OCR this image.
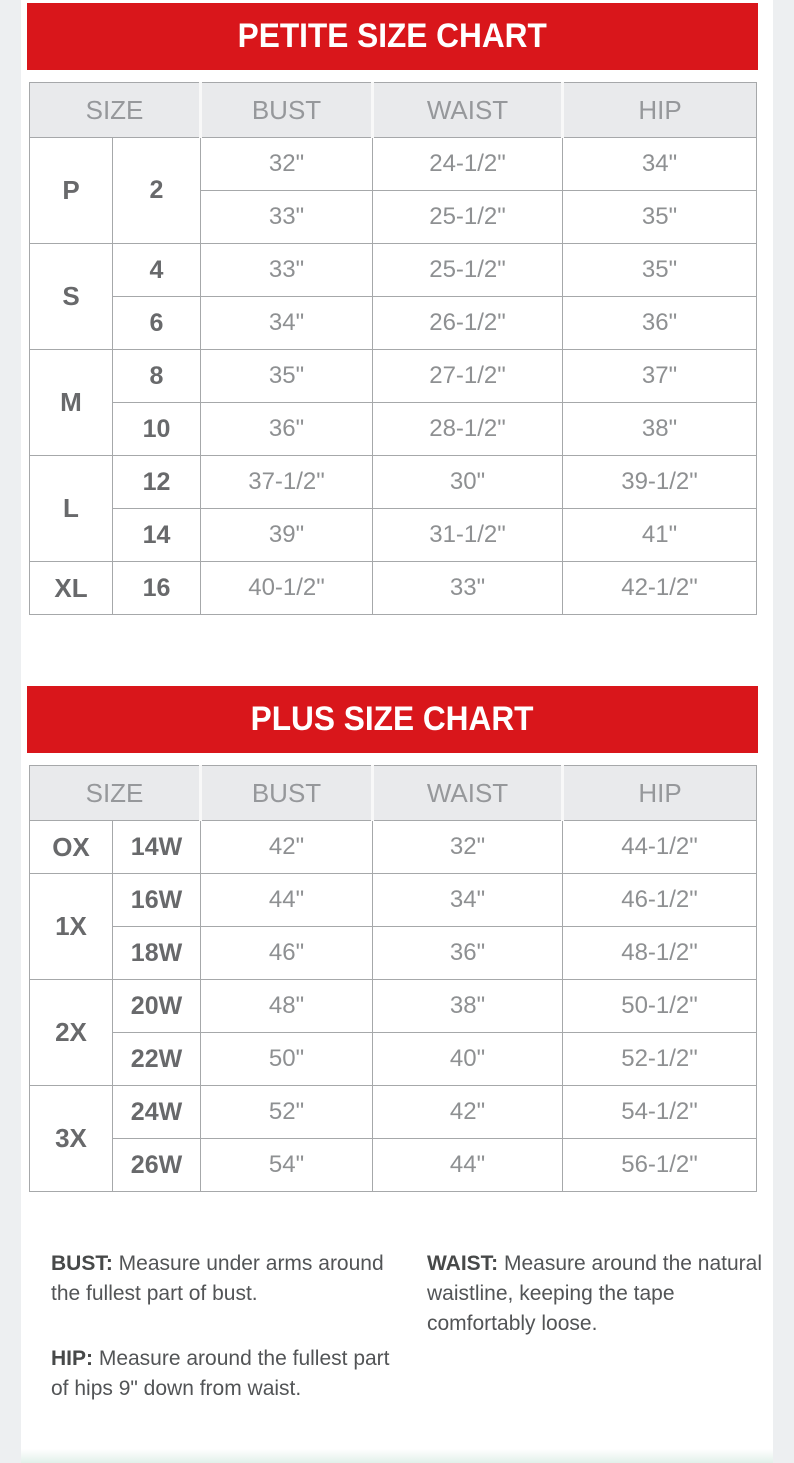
PETITE SIZE CHART
SIZE		BUST	WAIST	HIP
P	2	32"	24-1/2"	34"
		33"	25-1/2"	35"
S	4	33"	25-1/2"	35"
	6	34"	26-1/2"	36"
M	8	35"	27-1/2"	37"
	10	36"	28-1/2"	38"
L	12	37-1/2"	30"	39-1/2"
	14	39"	31-1/2"	41"
XL	16	40-1/2"	33"	42-1/2"
PLUS SIZE CHART
SIZE		BUST	WAIST	HIP
OX	14W	42"	32"	44-1/2"
1X	16W	44"	34"	46-1/2"
	18W	46"	36"	48-1/2"
2X	20W	48"	38"	50-1/2"
	22W	50"	40"	52-1/2"
3X	24W	52"	42"	54-1/2"
	26W	54"	44"	56-1/2"

BUST: Measure under arms around the fullest part of bust.

WAIST: Measure around the natural waistline, keeping the tape comfortably loose.

HIP: Measure around the fullest part of hips 9" down from waist.
